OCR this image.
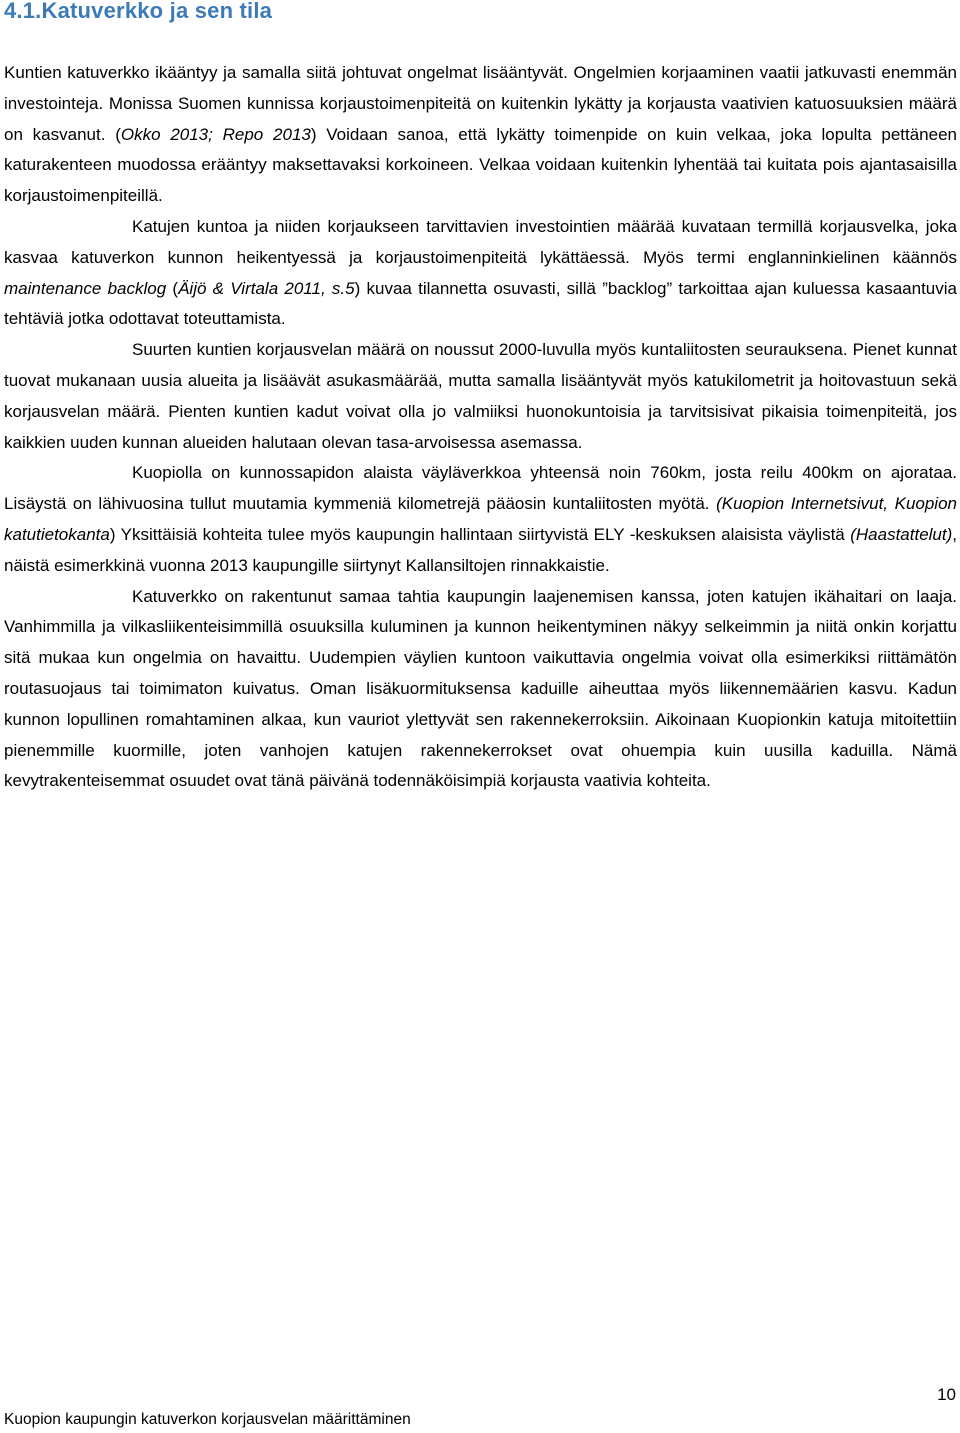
4.1.Katuverkko ja sen tila

Kuntien katuverkko ikääntyy ja samalla siitä johtuvat ongelmat lisääntyvät. Ongelmien korjaaminen vaatii jatkuvasti enemmän investointeja. Monissa Suomen kunnissa korjaustoimenpiteitä on kuitenkin lykätty ja korjausta vaativien katuosuuksien määrä on kasvanut. (Okko 2013; Repo 2013) Voidaan sanoa, että lykätty toimenpide on kuin velkaa, joka lopulta pettäneen katurakenteen muodossa erääntyy maksettavaksi korkoineen. Velkaa voidaan kuitenkin lyhentää tai kuitata pois ajantasaisilla korjaustoimenpiteillä.

Katujen kuntoa ja niiden korjaukseen tarvittavien investointien määrää kuvataan termillä korjausvelka, joka kasvaa katuverkon kunnon heikentyessä ja korjaustoimenpiteitä lykättäessä. Myös termi englanninkielinen käännös maintenance backlog (Äijö & Virtala 2011, s.5) kuvaa tilannetta osuvasti, sillä ”backlog” tarkoittaa ajan kuluessa kasaantuvia tehtäviä jotka odottavat toteuttamista.

Suurten kuntien korjausvelan määrä on noussut 2000-luvulla myös kuntaliitosten seurauksena. Pienet kunnat tuovat mukanaan uusia alueita ja lisäävät asukasmäärää, mutta samalla lisääntyvät myös katukilometrit ja hoitovastuun sekä korjausvelan määrä. Pienten kuntien kadut voivat olla jo valmiiksi huonokuntoisia ja tarvitsisivat pikaisia toimenpiteitä, jos kaikkien uuden kunnan alueiden halutaan olevan tasa-arvoisessa asemassa.

Kuopiolla on kunnossapidon alaista väyläverkkoa yhteensä noin 760km, josta reilu 400km on ajorataa. Lisäystä on lähivuosina tullut muutamia kymmeniä kilometrejä pääosin kuntaliitosten myötä. (Kuopion Internetsivut, Kuopion katutietokanta) Yksittäisiä kohteita tulee myös kaupungin hallintaan siirtyvistä ELY -keskuksen alaisista väylistä (Haastattelut), näistä esimerkkinä vuonna 2013 kaupungille siirtynyt Kallansiltojen rinnakkaistie.

Katuverkko on rakentunut samaa tahtia kaupungin laajenemisen kanssa, joten katujen ikähaitari on laaja. Vanhimmilla ja vilkasliikenteisimmillä osuuksilla kuluminen ja kunnon heikentyminen näkyy selkeimmin ja niitä onkin korjattu sitä mukaa kun ongelmia on havaittu. Uudempien väylien kuntoon vaikuttavia ongelmia voivat olla esimerkiksi riittämätön routasuojaus tai toimimaton kuivatus. Oman lisäkuormituksensa kaduille aiheuttaa myös liikennemäärien kasvu. Kadun kunnon lopullinen romahtaminen alkaa, kun vauriot ylettyvät sen rakennekerroksiin. Aikoinaan Kuopionkin katuja mitoitettiin pienemmille kuormille, joten vanhojen katujen rakennekerrokset ovat ohuempia kuin uusilla kaduilla. Nämä kevytrakenteisemmat osuudet ovat tänä päivänä todennäköisimpiä korjausta vaativia kohteita.

10
Kuopion kaupungin katuverkon korjausvelan määrittäminen
